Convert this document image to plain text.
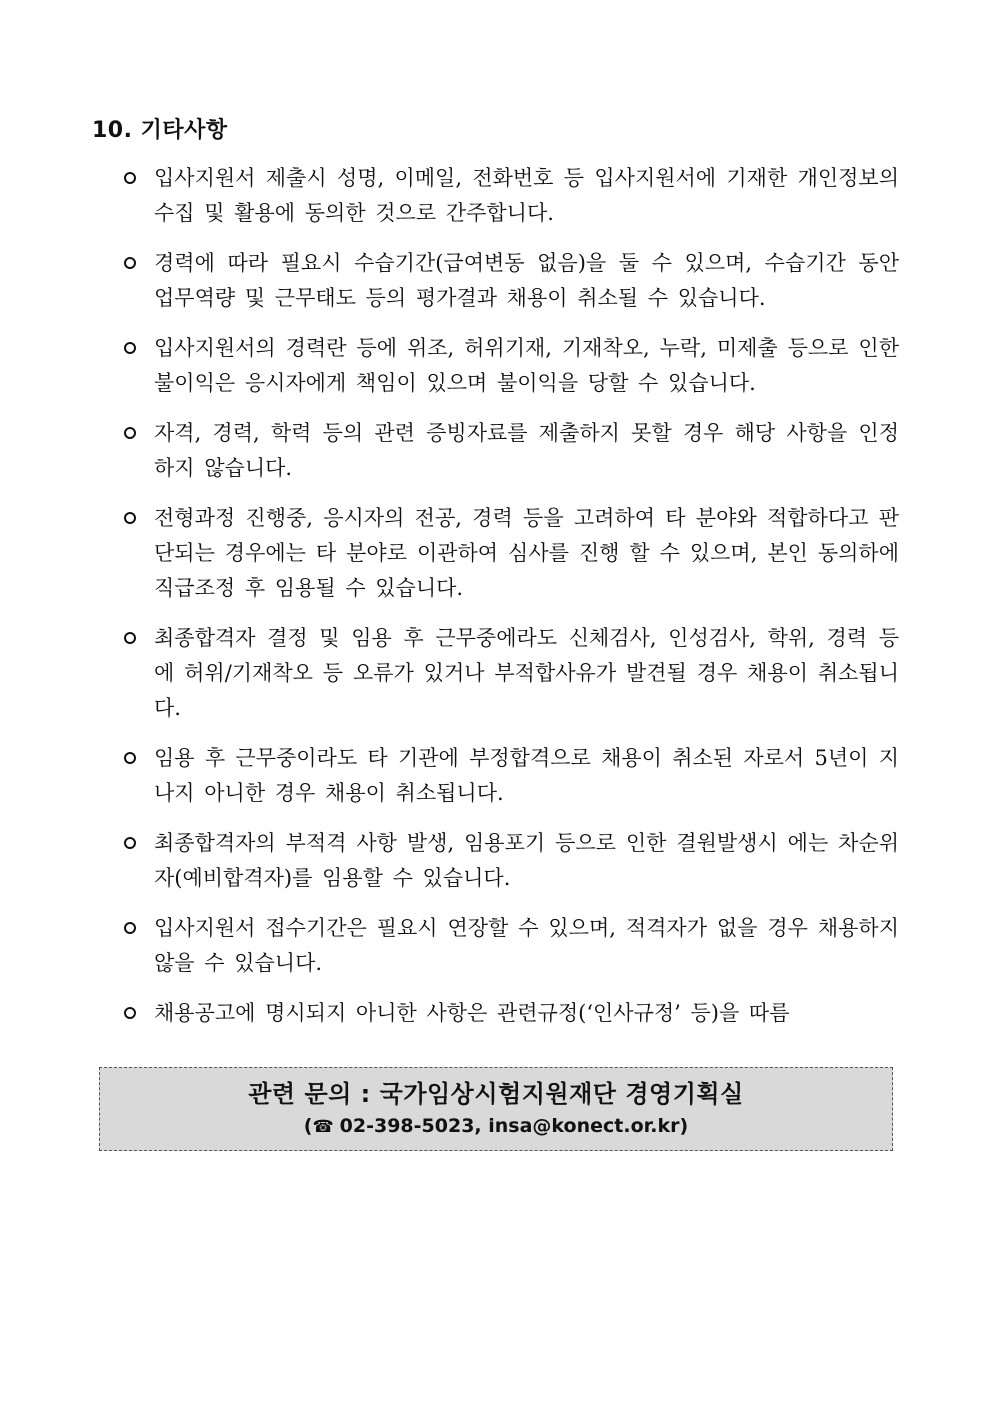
10. 기타사항
입사지원서 제출시 성명, 이메일, 전화번호 등 입사지원서에 기재한 개인정보의 수집 및 활용에 동의한 것으로 간주합니다.
경력에 따라 필요시 수습기간(급여변동 없음)을 둘 수 있으며, 수습기간 동안 업무역량 및 근무태도 등의 평가결과 채용이 취소될 수 있습니다.
입사지원서의 경력란 등에 위조, 허위기재, 기재착오, 누락, 미제출 등으로 인한 불이익은 응시자에게 책임이 있으며 불이익을 당할 수 있습니다.
자격, 경력, 학력 등의 관련 증빙자료를 제출하지 못할 경우 해당 사항을 인정하지 않습니다.
전형과정 진행중, 응시자의 전공, 경력 등을 고려하여 타 분야와 적합하다고 판단되는 경우에는 타 분야로 이관하여 심사를 진행 할 수 있으며, 본인 동의하에 직급조정 후 임용될 수 있습니다.
최종합격자 결정 및 임용 후 근무중에라도 신체검사, 인성검사, 학위, 경력 등에 허위/기재착오 등 오류가 있거나 부적합사유가 발견될 경우 채용이 취소됩니다.
임용 후 근무중이라도 타 기관에 부정합격으로 채용이 취소된 자로서 5년이 지나지 아니한 경우 채용이 취소됩니다.
최종합격자의 부적격 사항 발생, 임용포기 등으로 인한 결원발생시 에는 차순위자(예비합격자)를 임용할 수 있습니다.
입사지원서 접수기간은 필요시 연장할 수 있으며, 적격자가 없을 경우 채용하지 않을 수 있습니다.
채용공고에 명시되지 아니한 사항은 관련규정(‘인사규정’ 등)을 따름
관련 문의 : 국가임상시험지원재단 경영기획실
(☎ 02-398-5023, insa@konect.or.kr)
